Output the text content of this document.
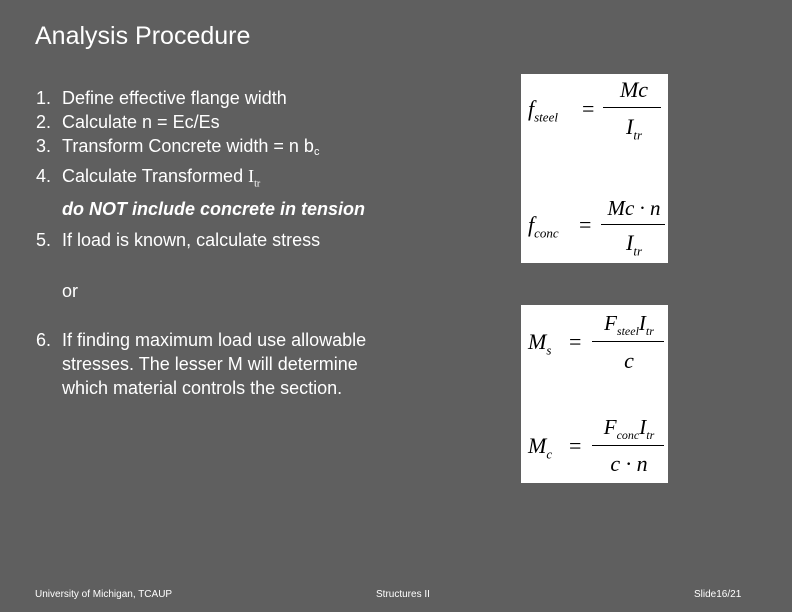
Analysis Procedure
1. Define effective flange width
2. Calculate n = Ec/Es
3. Transform Concrete width = n $b_c$
4. Calculate Transformed $I_{tr}$
do NOT include concrete in tension
5. If load is known, calculate stress
or
6. If finding maximum load use allowable
stresses. The lesser M will determine
which material controls the section.
$f_{steel}$ =
Mc
$I_{tr}$
$f_{conc}$ =
Mc · n
$I_{tr}$
$M_s$ =
$F_{steel}I_{tr}$
c
$M_c$ =
$F_{conc}I_{tr}$
c · n
University of Michigan, TCAUP	Structures II	Slide16/21
